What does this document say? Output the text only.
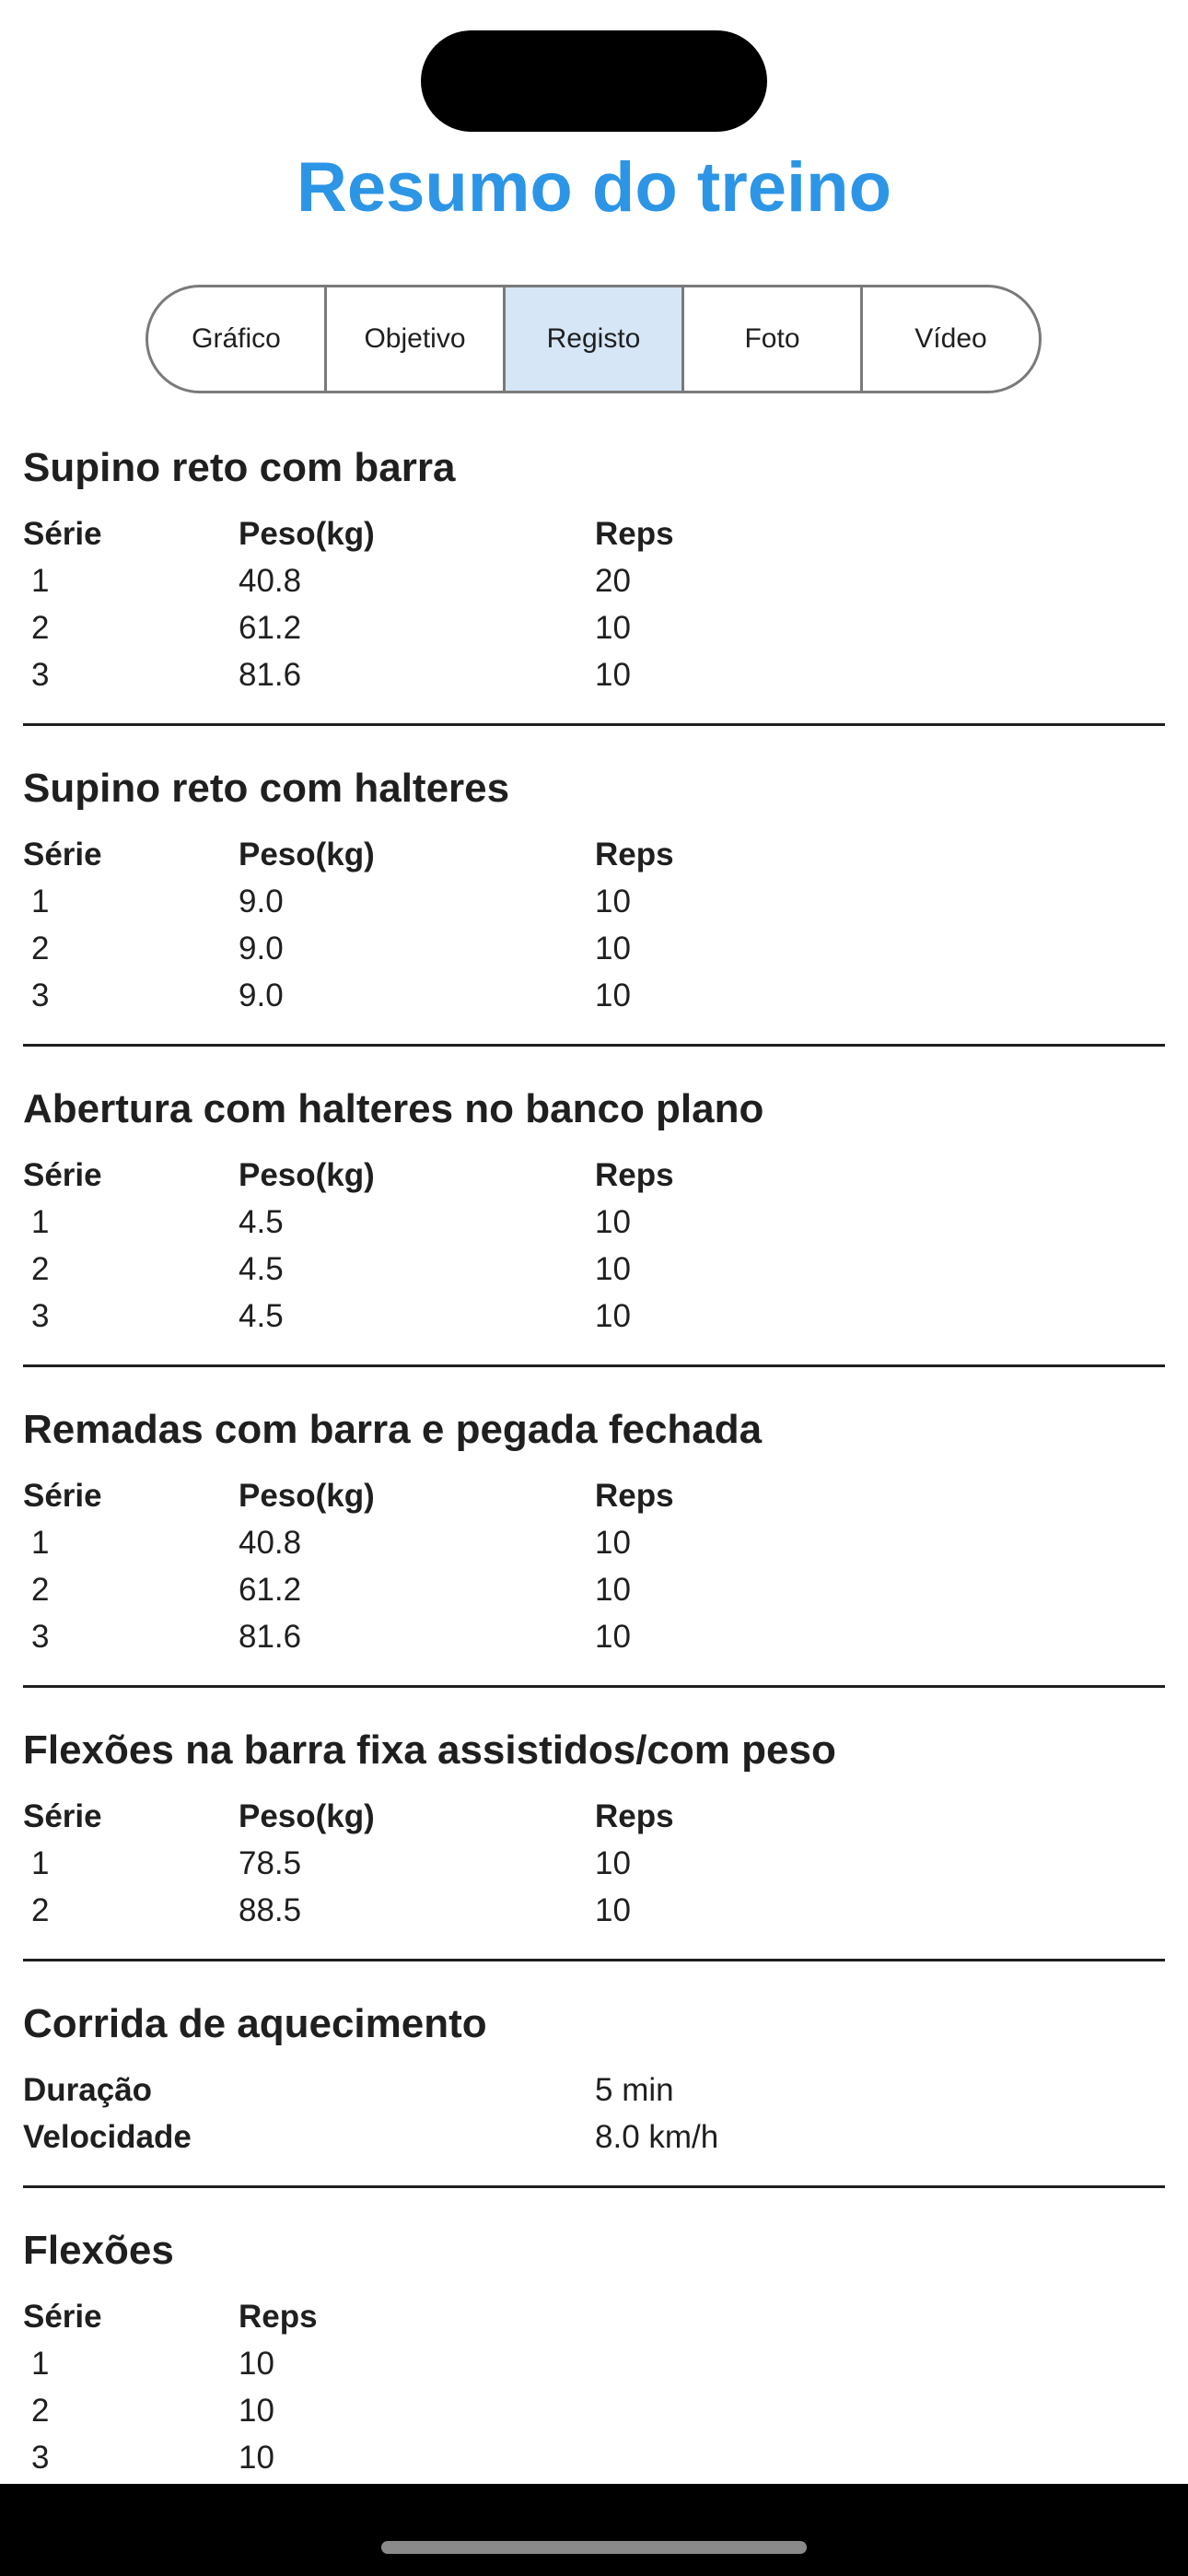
Resumo do treino
Gráfico	Objetivo	Registo	Foto	Vídeo
Supino reto com barra
Série	Peso(kg)	Reps
1	40.8	20
2	61.2	10
3	81.6	10
Supino reto com halteres
Série	Peso(kg)	Reps
1	9.0	10
2	9.0	10
3	9.0	10
Abertura com halteres no banco plano
Série	Peso(kg)	Reps
1	4.5	10
2	4.5	10
3	4.5	10
Remadas com barra e pegada fechada
Série	Peso(kg)	Reps
1	40.8	10
2	61.2	10
3	81.6	10
Flexões na barra fixa assistidos/com peso
Série	Peso(kg)	Reps
1	78.5	10
2	88.5	10
Corrida de aquecimento
Duração	5 min
Velocidade	8.0 km/h
Flexões
Série	Reps
1	10
2	10
3	10
